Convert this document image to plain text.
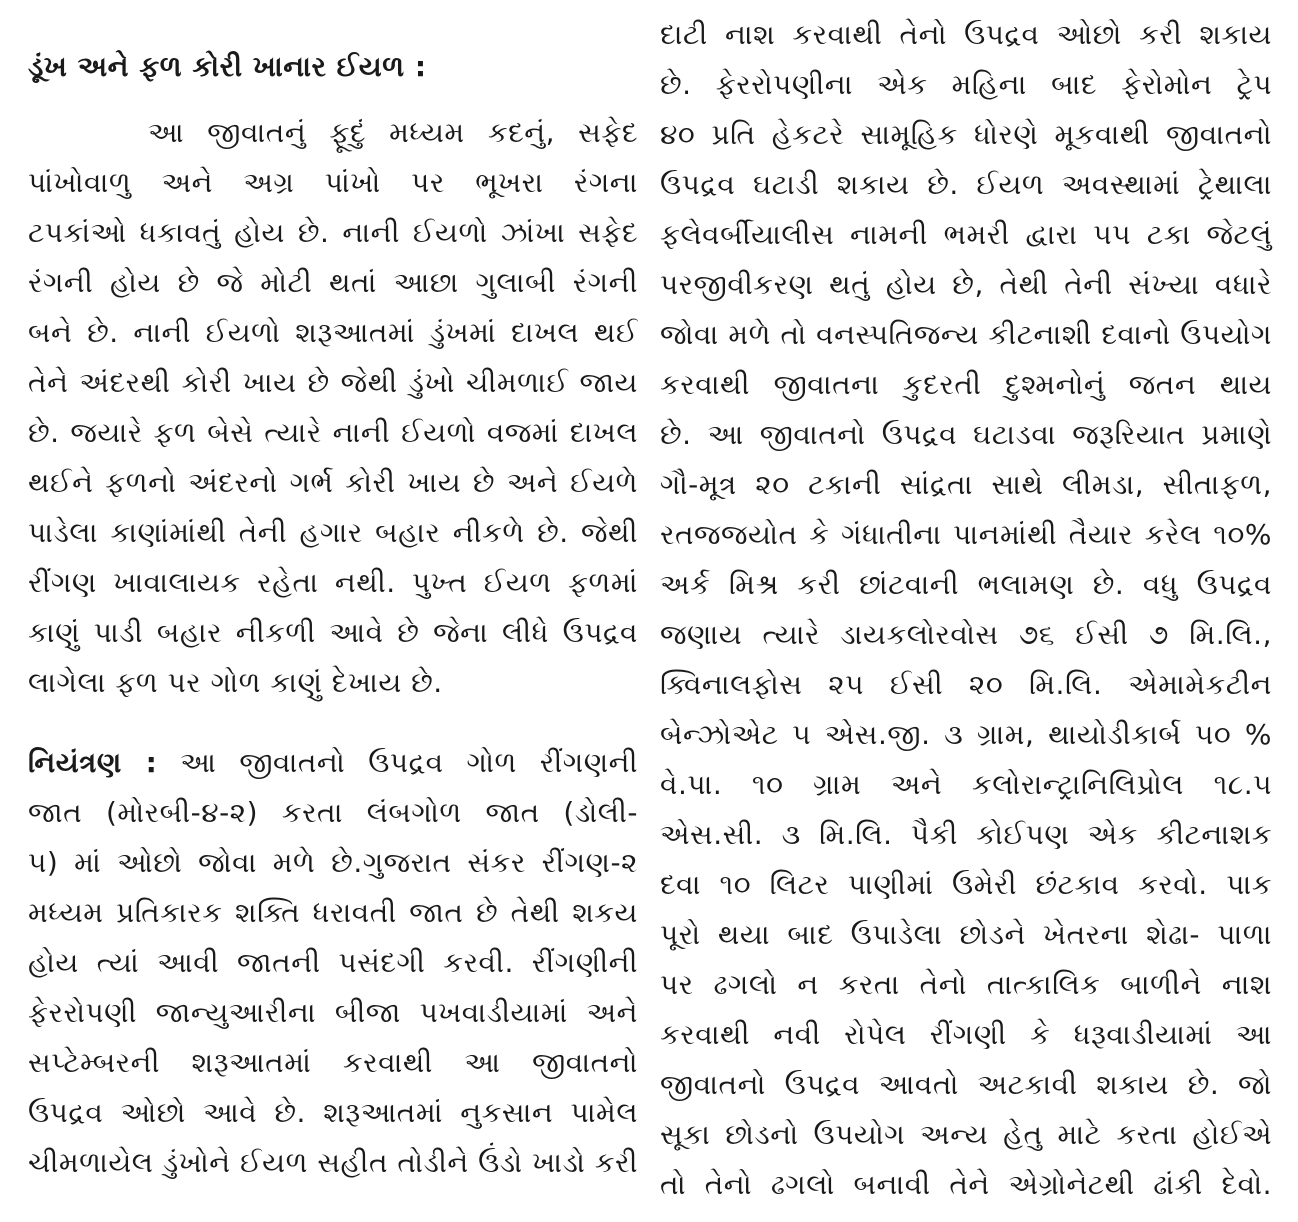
ડૂંખ અને ફળ કોરી ખાનાર ઈયળ :
આ જીવાતનું ફૂદું મધ્યમ કદનું, સફેદ
પાંખોવાળુ અને અગ્ર પાંખો પર ભૂખરા રંગના
ટપકાંઓ ધકાવતું હોય છે. નાની ઈયળો ઝાંખા સફેદ
રંગની હોય છે જે મોટી થતાં આછા ગુલાબી રંગની
બને છે. નાની ઈયળો શરૂઆતમાં ડુંખમાં દાખલ થઈ
તેને અંદરથી કોરી ખાય છે જેથી ડુંખો ચીમળાઈ જાય
છે. જયારે ફળ બેસે ત્યારે નાની ઈયળો વજમાં દાખલ
થઈને ફળનો અંદરનો ગર્ભ કોરી ખાય છે અને ઈયળે
પાડેલા કાણાંમાંથી તેની હગાર બહાર નીકળે છે. જેથી
રીંગણ ખાવાલાયક રહેતા નથી. પુખ્ત ઈયળ ફળમાં
કાણું પાડી બહાર નીકળી આવે છે જેના લીધે ઉપદ્રવ
લાગેલા ફળ પર ગોળ કાણું દેખાય છે.
નિયંત્રણ : આ જીવાતનો ઉપદ્રવ ગોળ રીંગણની
જાત (મોરબી-૪-૨) કરતા લંબગોળ જાત (ડોલી-
૫) માં ઓછો જોવા મળે છે.ગુજરાત સંકર રીંગણ-૨
મધ્યમ પ્રતિકારક શક્તિ ધરાવતી જાત છે તેથી શકય
હોય ત્યાં આવી જાતની પસંદગી કરવી. રીંગણીની
ફેરરોપણી જાન્યુઆરીના બીજા પખવાડીયામાં અને
સપ્ટેમ્બરની શરૂઆતમાં કરવાથી આ જીવાતનો
ઉપદ્રવ ઓછો આવે છે. શરૂઆતમાં નુકસાન પામેલ
ચીમળાયેલ ડુંખોને ઈયળ સહીત તોડીને ઉંડો ખાડો કરી
દાટી નાશ કરવાથી તેનો ઉપદ્રવ ઓછો કરી શકાય
છે. ફેરરોપણીના એક મહિના બાદ ફેરોમોન ટ્રેપ
૪૦ પ્રતિ હેકટરે સામૂહિક ધોરણે મૂકવાથી જીવાતનો
ઉપદ્રવ ઘટાડી શકાય છે. ઈયળ અવસ્થામાં ટ્રેથાલા
ફલેવર્બીયાલીસ નામની ભમરી દ્વારા ૫૫ ટકા જેટલું
પરજીવીકરણ થતું હોય છે, તેથી તેની સંખ્યા વધારે
જોવા મળે તો વનસ્પતિજન્ય કીટનાશી દવાનો ઉપયોગ
કરવાથી જીવાતના કુદરતી દુશ્મનોનું જતન થાય
છે. આ જીવાતનો ઉપદ્રવ ઘટાડવા જરૂરિયાત પ્રમાણે
ગૌ-મૂત્ર ૨૦ ટકાની સાંદ્રતા સાથે લીમડા, સીતાફળ,
રતજજયોત કે ગંધાતીના પાનમાંથી તૈયાર કરેલ ૧૦%
અર્ક મિશ્ર કરી છાંટવાની ભલામણ છે. વધુ ઉપદ્રવ
જણાય ત્યારે ડાયકલોરવોસ ૭૬ ઈસી ૭ મિ.લિ.,
ક્વિનાલફોસ ૨૫ ઈસી ૨૦ મિ.લિ. એમામેકટીન
બેન્ઝોએટ ૫ એસ.જી. ૩ ગ્રામ, થાયોડીકાર્બ ૫૦ %
વે.પા. ૧૦ ગ્રામ અને કલોરાન્ટ્રાનિલિપ્રોલ ૧૮.૫
એસ.સી. ૩ મિ.લિ. પૈકી કોઈપણ એક કીટનાશક
દવા ૧૦ લિટર પાણીમાં ઉમેરી છંટકાવ કરવો. પાક
પૂરો થયા બાદ ઉપાડેલા છોડને ખેતરના શેઢા- પાળા
પર ઢગલો ન કરતા તેનો તાત્કાલિક બાળીને નાશ
કરવાથી નવી રોપેલ રીંગણી કે ધરૂવાડીયામાં આ
જીવાતનો ઉપદ્રવ આવતો અટકાવી શકાય છે. જો
સૂકા છોડનો ઉપયોગ અન્ય હેતુ માટે કરતા હોઈએ
તો તેનો ઢગલો બનાવી તેને એગ્રોનેટથી ઢાંકી દેવો.
